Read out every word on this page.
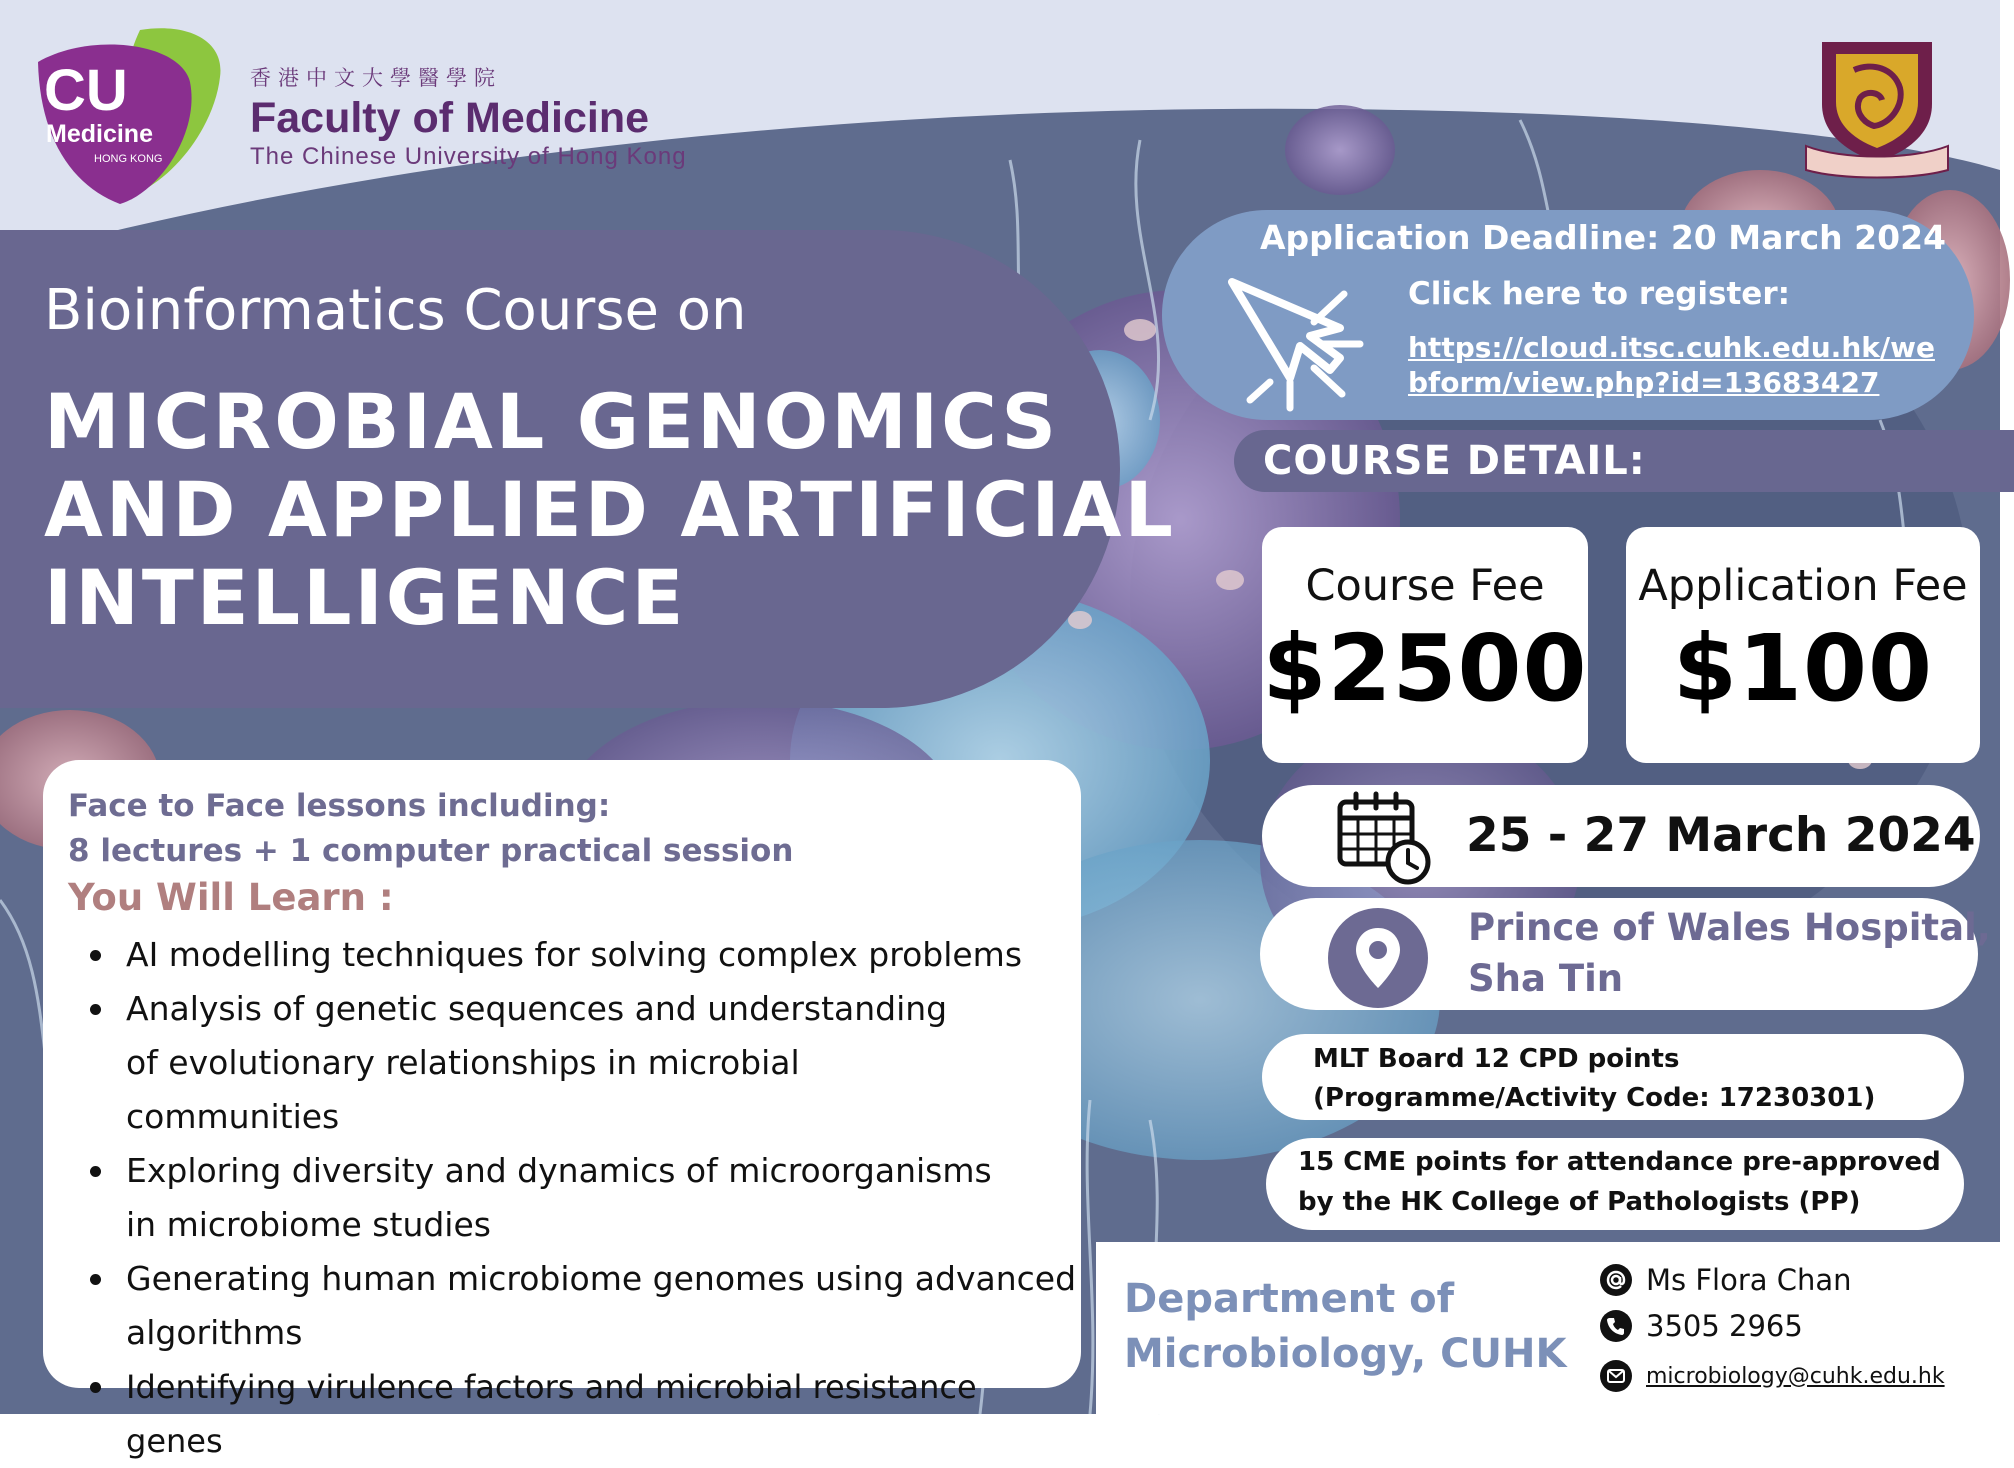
CU
Medicine
HONG KONG
香港中文大學醫學院
Faculty of Medicine
The Chinese University of Hong Kong
Bioinformatics Course on
MICROBIAL GENOMICS
AND APPLIED ARTIFICIAL
INTELLIGENCE
Application Deadline: 20 March 2024
Click here to register:
https://cloud.itsc.cuhk.edu.hk/webform/view.php?id=13683427
COURSE DETAIL:
Course Fee
$2500
Application Fee
$100
25 - 27 March 2024
Prince of Wales Hospital,
Sha Tin
MLT Board 12 CPD points
(Programme/Activity Code: 17230301)
15 CME points for attendance pre-approved
by the HK College of Pathologists (PP)
Face to Face lessons including:
8 lectures + 1 computer practical session
You Will Learn :
AI modelling techniques for solving complex problems
Analysis of genetic sequences and understanding of evolutionary relationships in microbial communities
Exploring diversity and dynamics of microorganisms in microbiome studies
Generating human microbiome genomes using advanced algorithms
Identifying virulence factors and microbial resistance genes
Department of
Microbiology, CUHK
Ms Flora Chan
3505 2965
microbiology@cuhk.edu.hk
